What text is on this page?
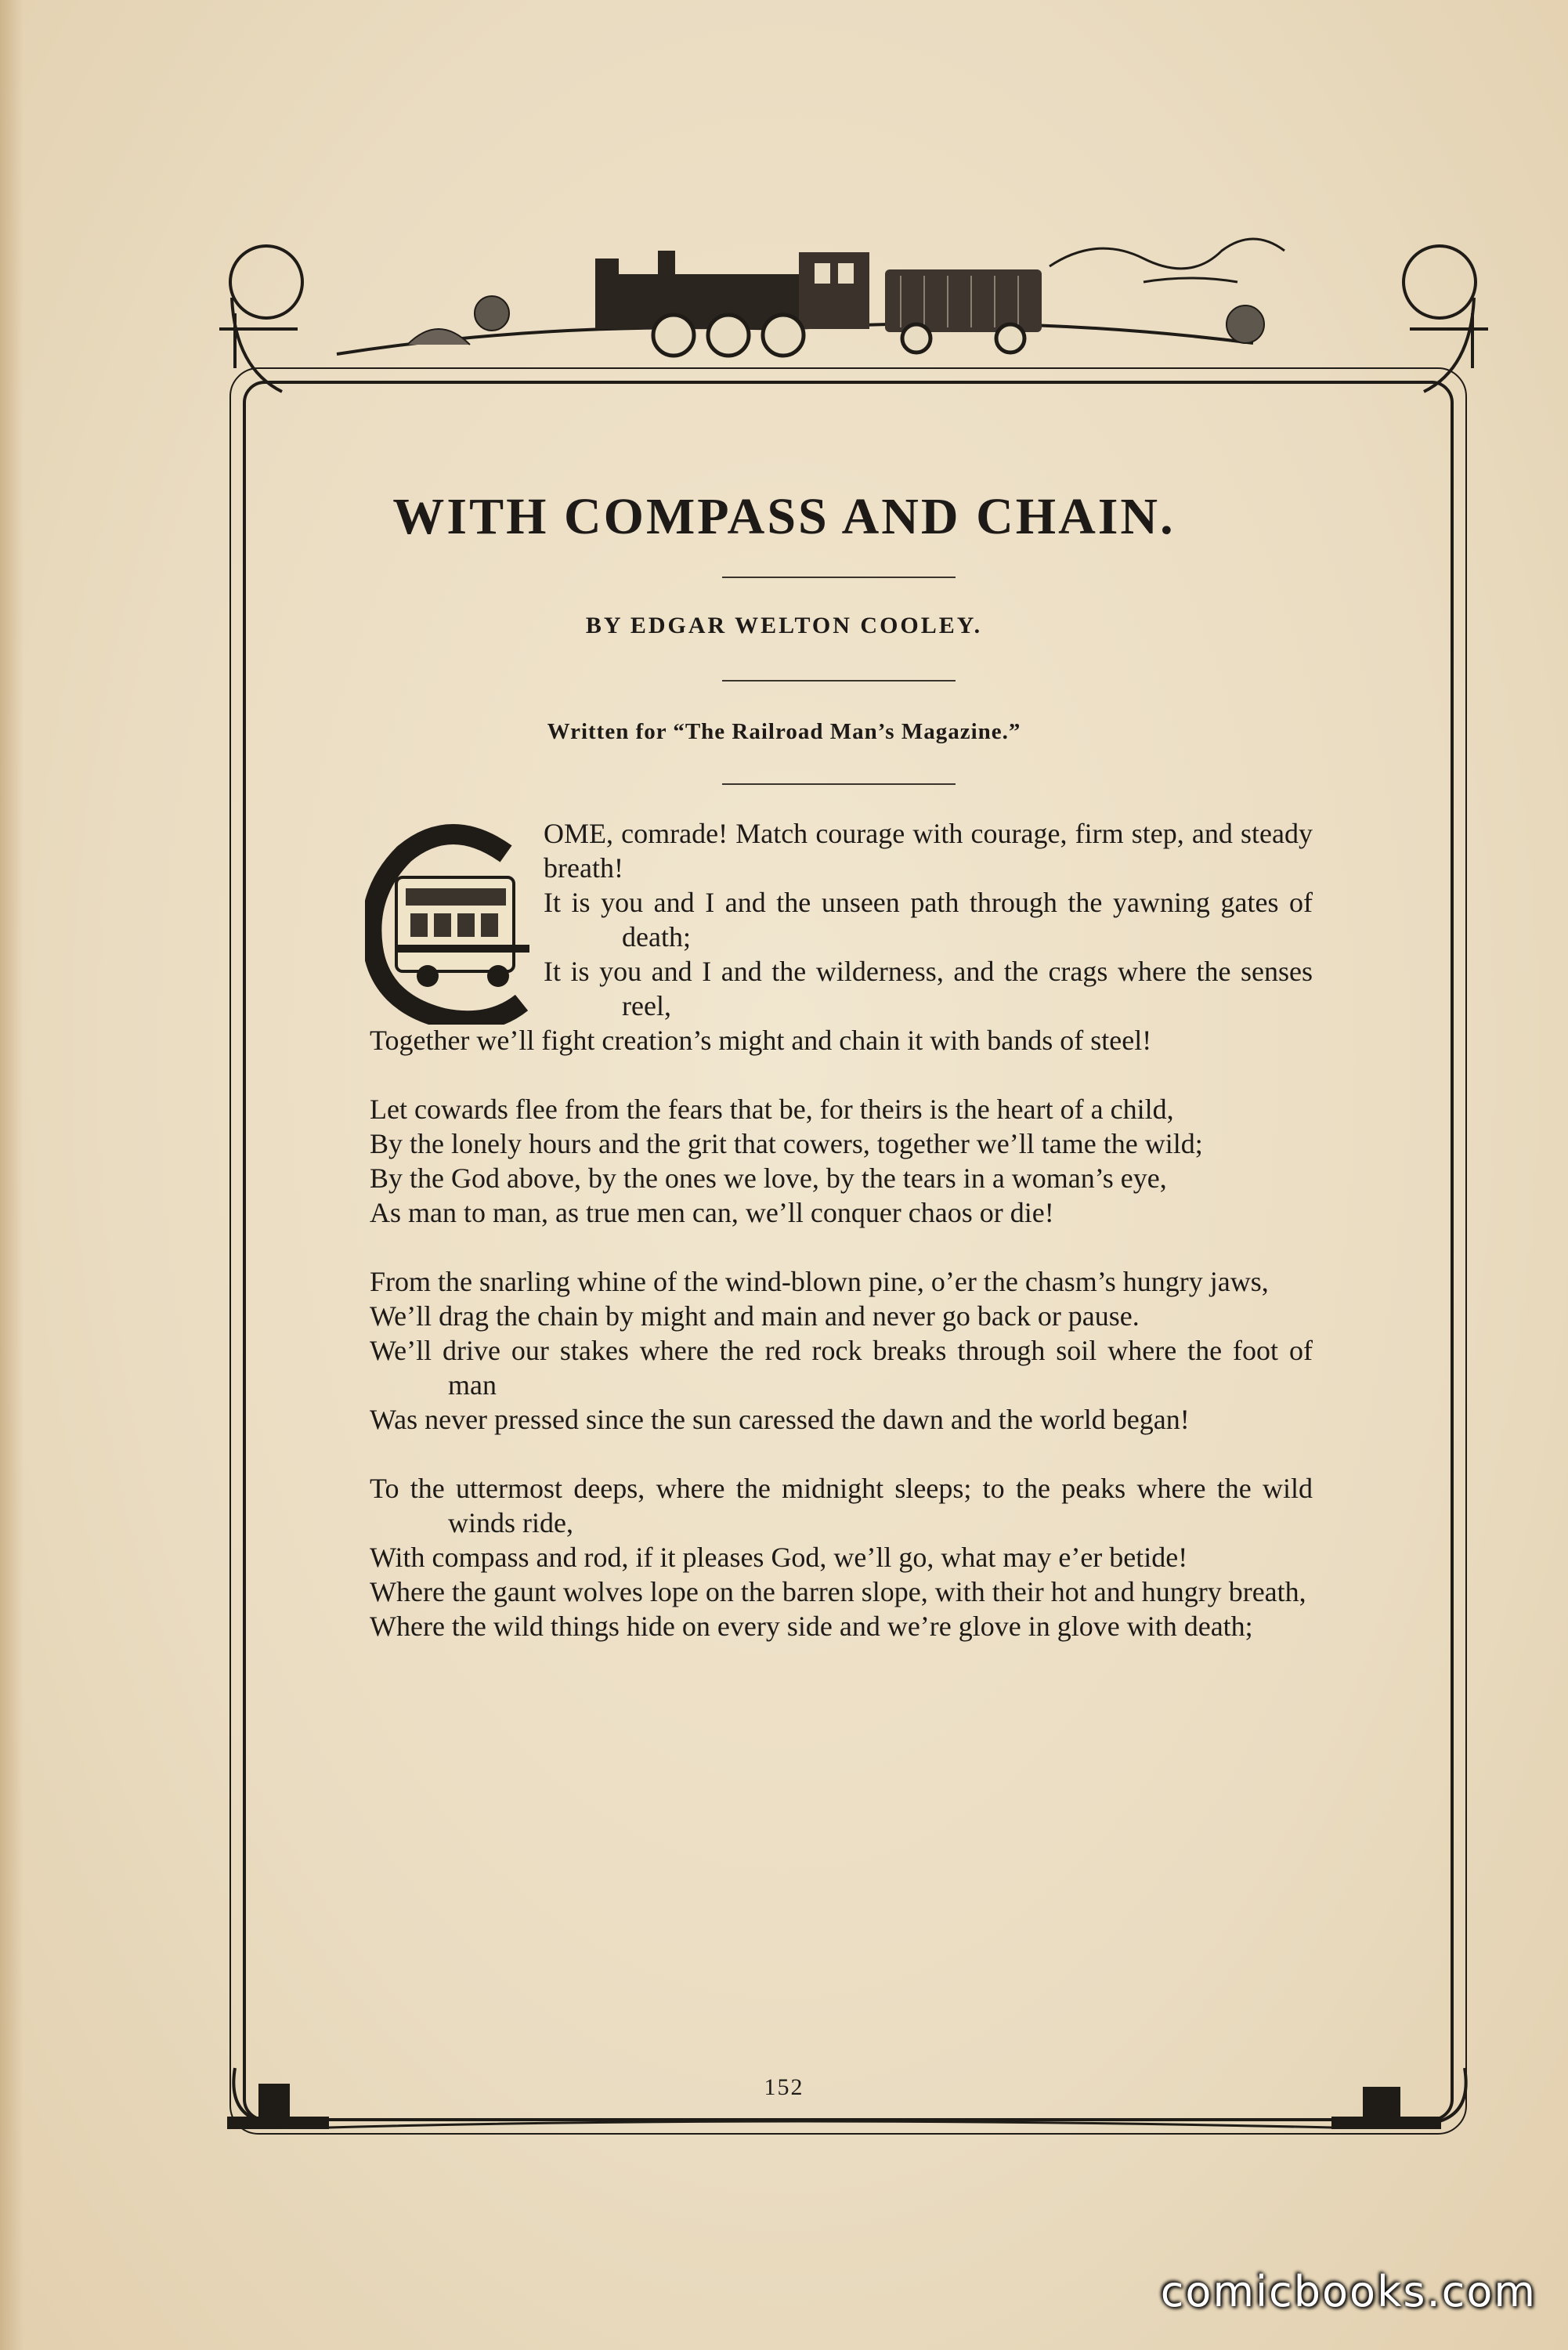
WITH COMPASS AND CHAIN.
BY EDGAR WELTON COOLEY.
Written for “The Railroad Man’s Magazine.”
OME, comrade! Match courage with courage, firm step, and steady breath!
It is you and I and the unseen path through the yawning gates of death;
It is you and I and the wilderness, and the crags where the senses reel,
Together we’ll fight creation’s might and chain it with bands of steel!
Let cowards flee from the fears that be, for theirs is the heart of a child,
By the lonely hours and the grit that cowers, together we’ll tame the wild;
By the God above, by the ones we love, by the tears in a woman’s eye,
As man to man, as true men can, we’ll conquer chaos or die!
From the snarling whine of the wind-blown pine, o’er the chasm’s hungry jaws,
We’ll drag the chain by might and main and never go back or pause.
We’ll drive our stakes where the red rock breaks through soil where the foot of man
Was never pressed since the sun caressed the dawn and the world began!
To the uttermost deeps, where the midnight sleeps; to the peaks where the wild winds ride,
With compass and rod, if it pleases God, we’ll go, what may e’er betide!
Where the gaunt wolves lope on the barren slope, with their hot and hungry breath,
Where the wild things hide on every side and we’re glove in glove with death;
152
comicbooks.com
